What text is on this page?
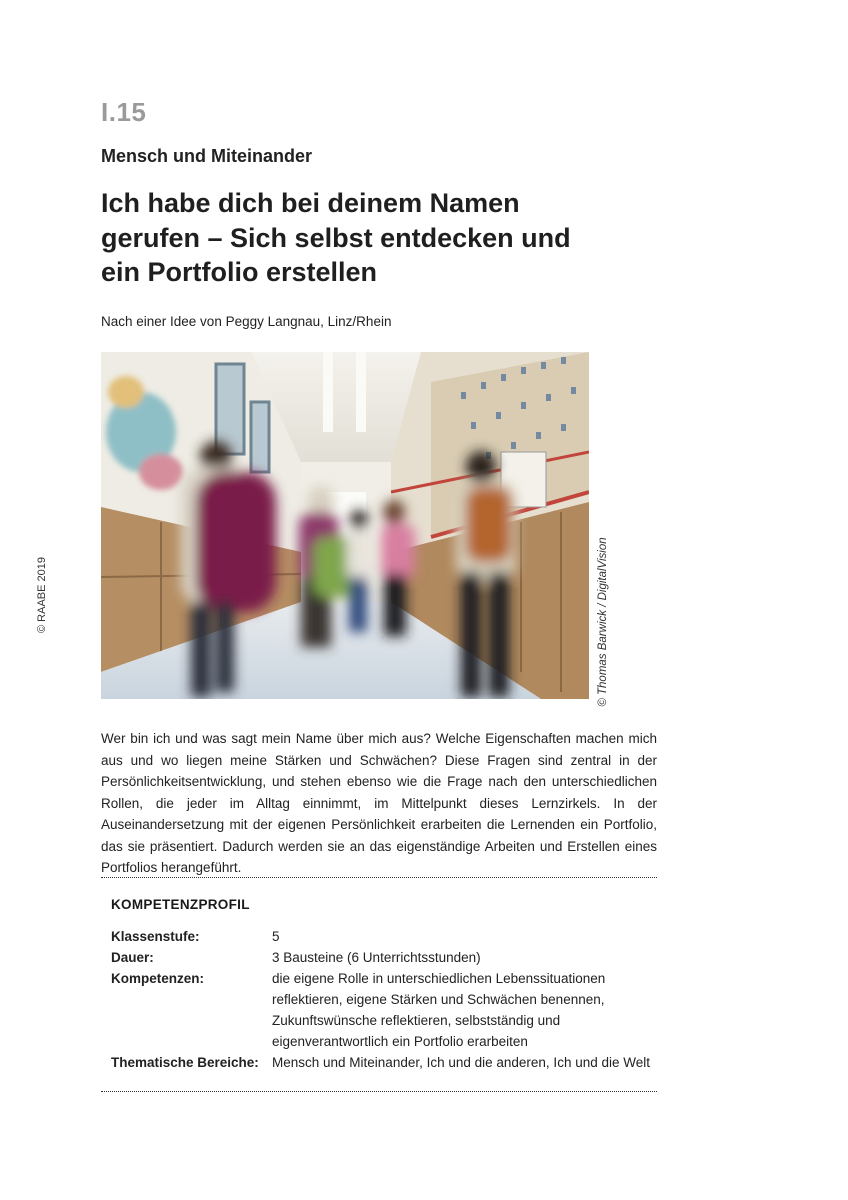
© RAABE 2019
I.15
Mensch und Miteinander
Ich habe dich bei deinem Namen gerufen – Sich selbst entdecken und ein Portfolio erstellen
Nach einer Idee von Peggy Langnau, Linz/Rhein
© Thomas Barwick / DigitalVision

Wer bin ich und was sagt mein Name über mich aus? Welche Eigenschaften machen mich aus und wo liegen meine Stärken und Schwächen? Diese Fragen sind zentral in der Persönlichkeitsentwicklung, und stehen ebenso wie die Frage nach den unterschiedlichen Rollen, die jeder im Alltag einnimmt, im Mittelpunkt dieses Lernzirkels. In der Auseinandersetzung mit der eigenen Persönlichkeit erarbeiten die Lernenden ein Portfolio, das sie präsentiert. Dadurch werden sie an das eigenständige Arbeiten und Erstellen eines Portfolios herangeführt.

KOMPETENZPROFIL
Klassenstufe:	5
Dauer:	3 Bausteine (6 Unterrichtsstunden)
Kompetenzen:	die eigene Rolle in unterschiedlichen Lebenssituationen reflektieren, eigene Stärken und Schwächen benennen, Zukunftswünsche reflektieren, selbstständig und eigenverantwortlich ein Portfolio erarbeiten
Thematische Bereiche:	Mensch und Miteinander, Ich und die anderen, Ich und die Welt
